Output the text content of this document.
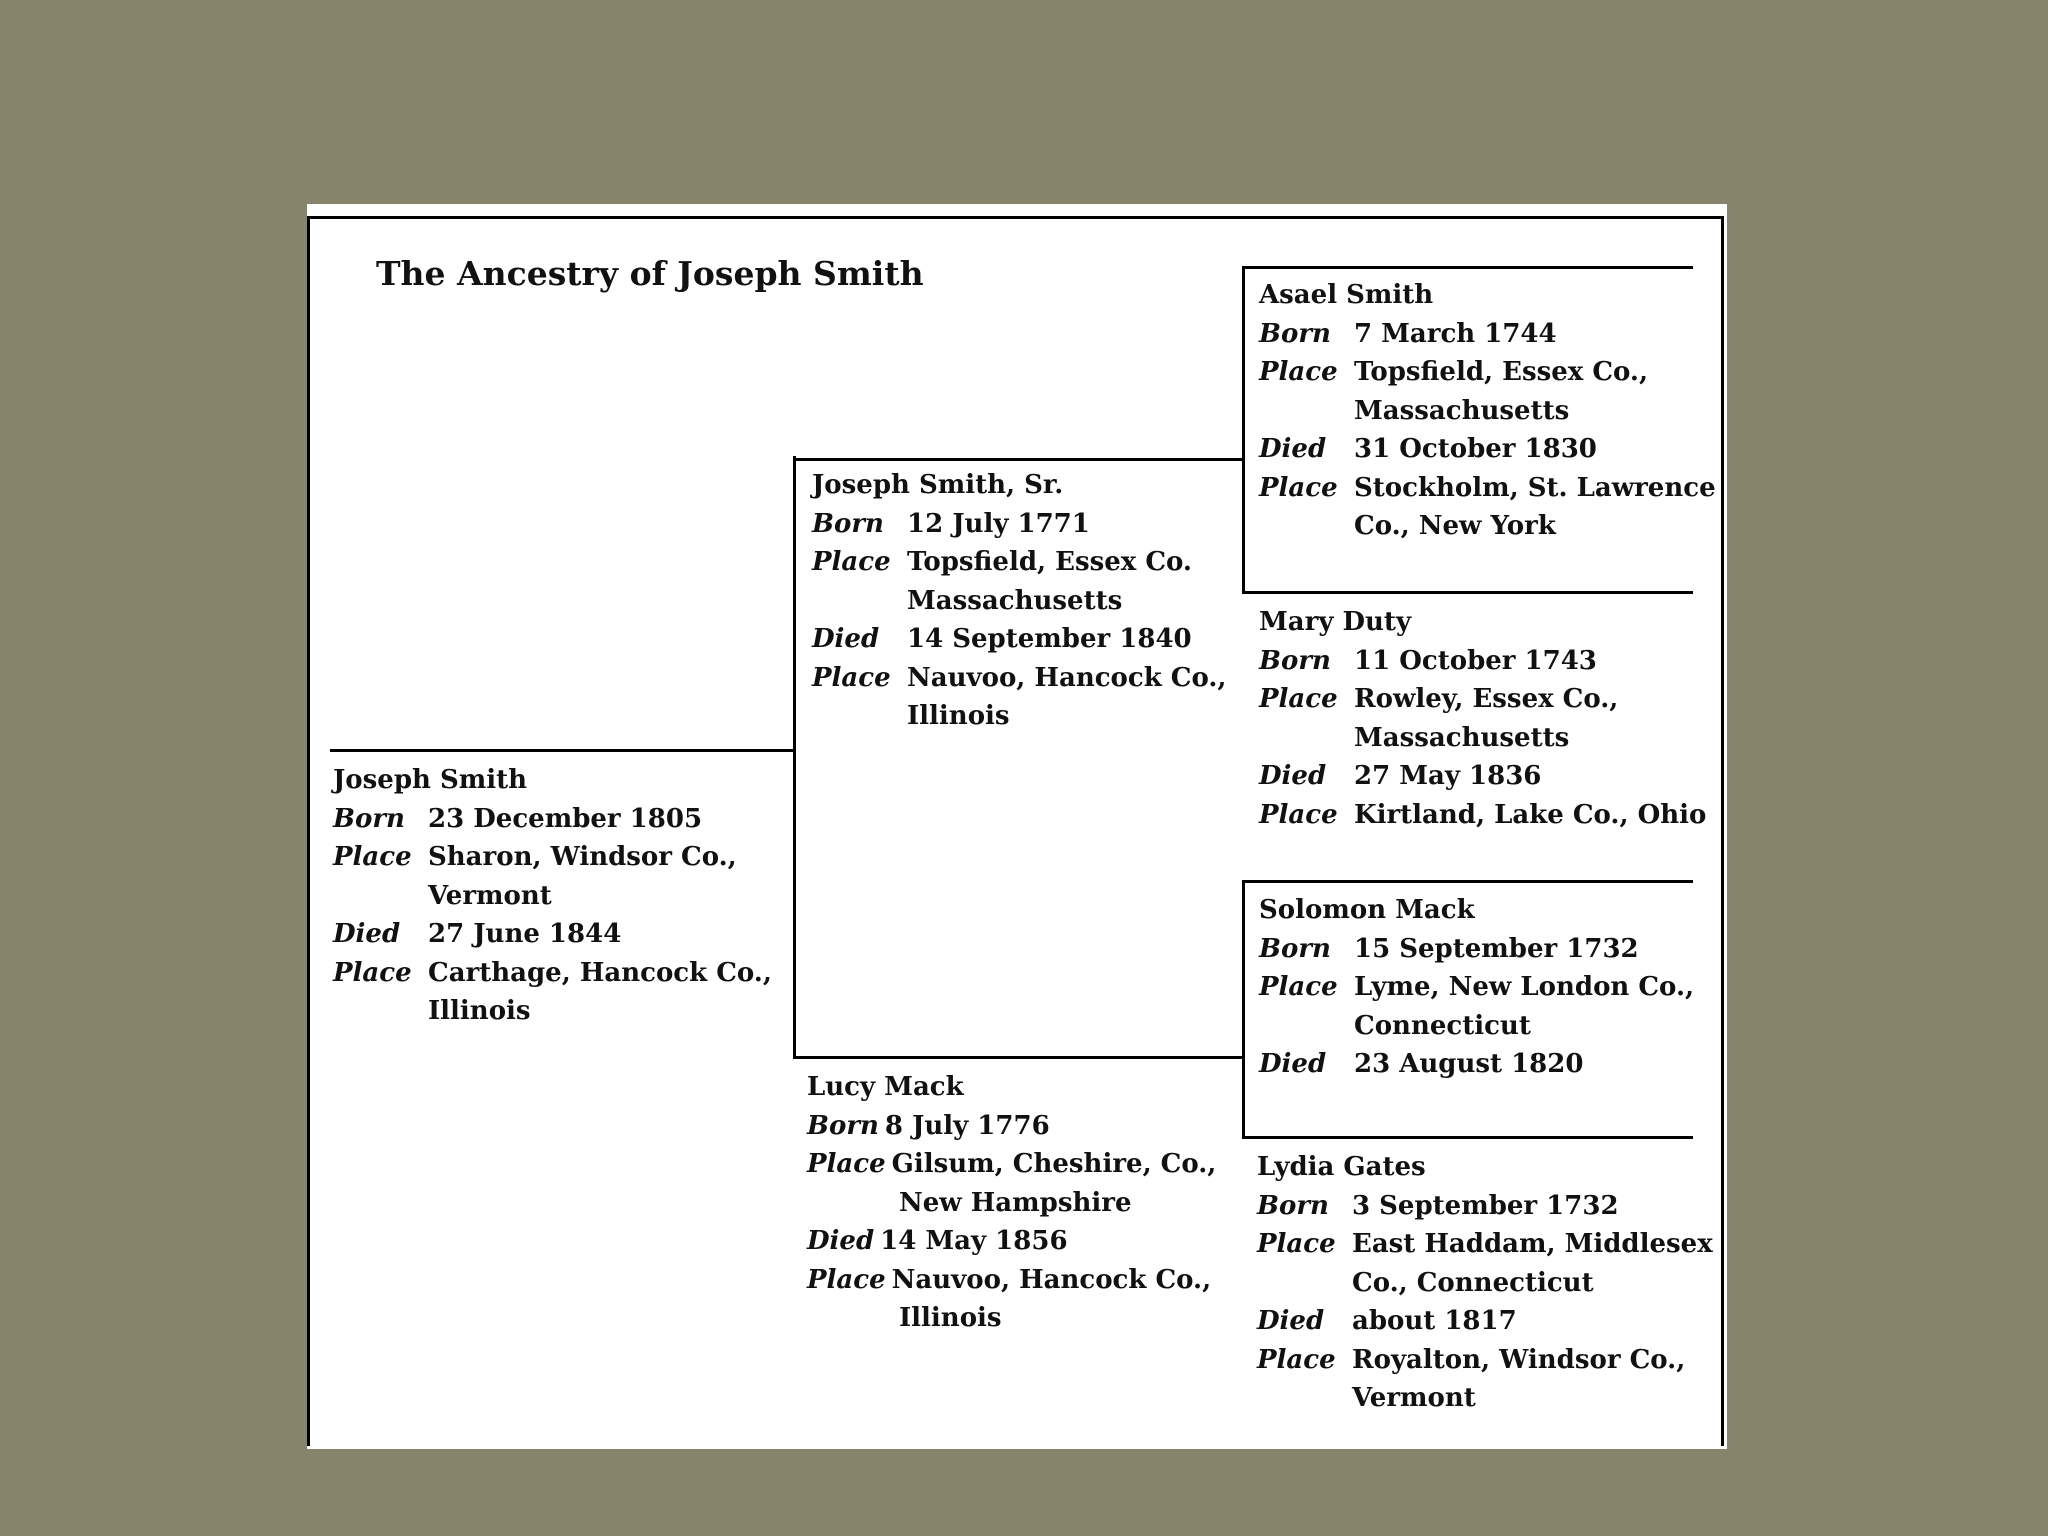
The Ancestry of Joseph Smith
Joseph Smith
Born 23 December 1805
Place Sharon, Windsor Co.,
Vermont
Died	27 June 1844
Place Carthage, Hancock Co.,
Illinois
Joseph Smith, Sr.
Born 12 July 1771
Place Topsfield, Essex Co.
Massachusetts
Died	14 September 1840
Place Nauvoo, Hancock Co.,
Illinois
Lucy Mack
Born 8 July 1776
Place Gilsum, Cheshire, Co.,
New Hampshire
Died 14 May 1856
Place Nauvoo, Hancock Co.,
Illinois
Asael Smith
Born 7 March 1744
Place Topsfield, Essex Co.,
Massachusetts
Died	31 October 1830
Place Stockholm, St. Lawrence
Co., New York
Mary Duty
Born 11 October 1743
Place Rowley, Essex Co.,
Massachusetts
Died	27 May 1836
Place Kirtland, Lake Co., Ohio
Solomon Mack
Born 15 September 1732
Place Lyme, New London Co.,
Connecticut
Died	23 August 1820
Lydia Gates
Born 3 September 1732
Place East Haddam, Middlesex
Co., Connecticut
Died	about 1817
Place Royalton, Windsor Co.,
Vermont
